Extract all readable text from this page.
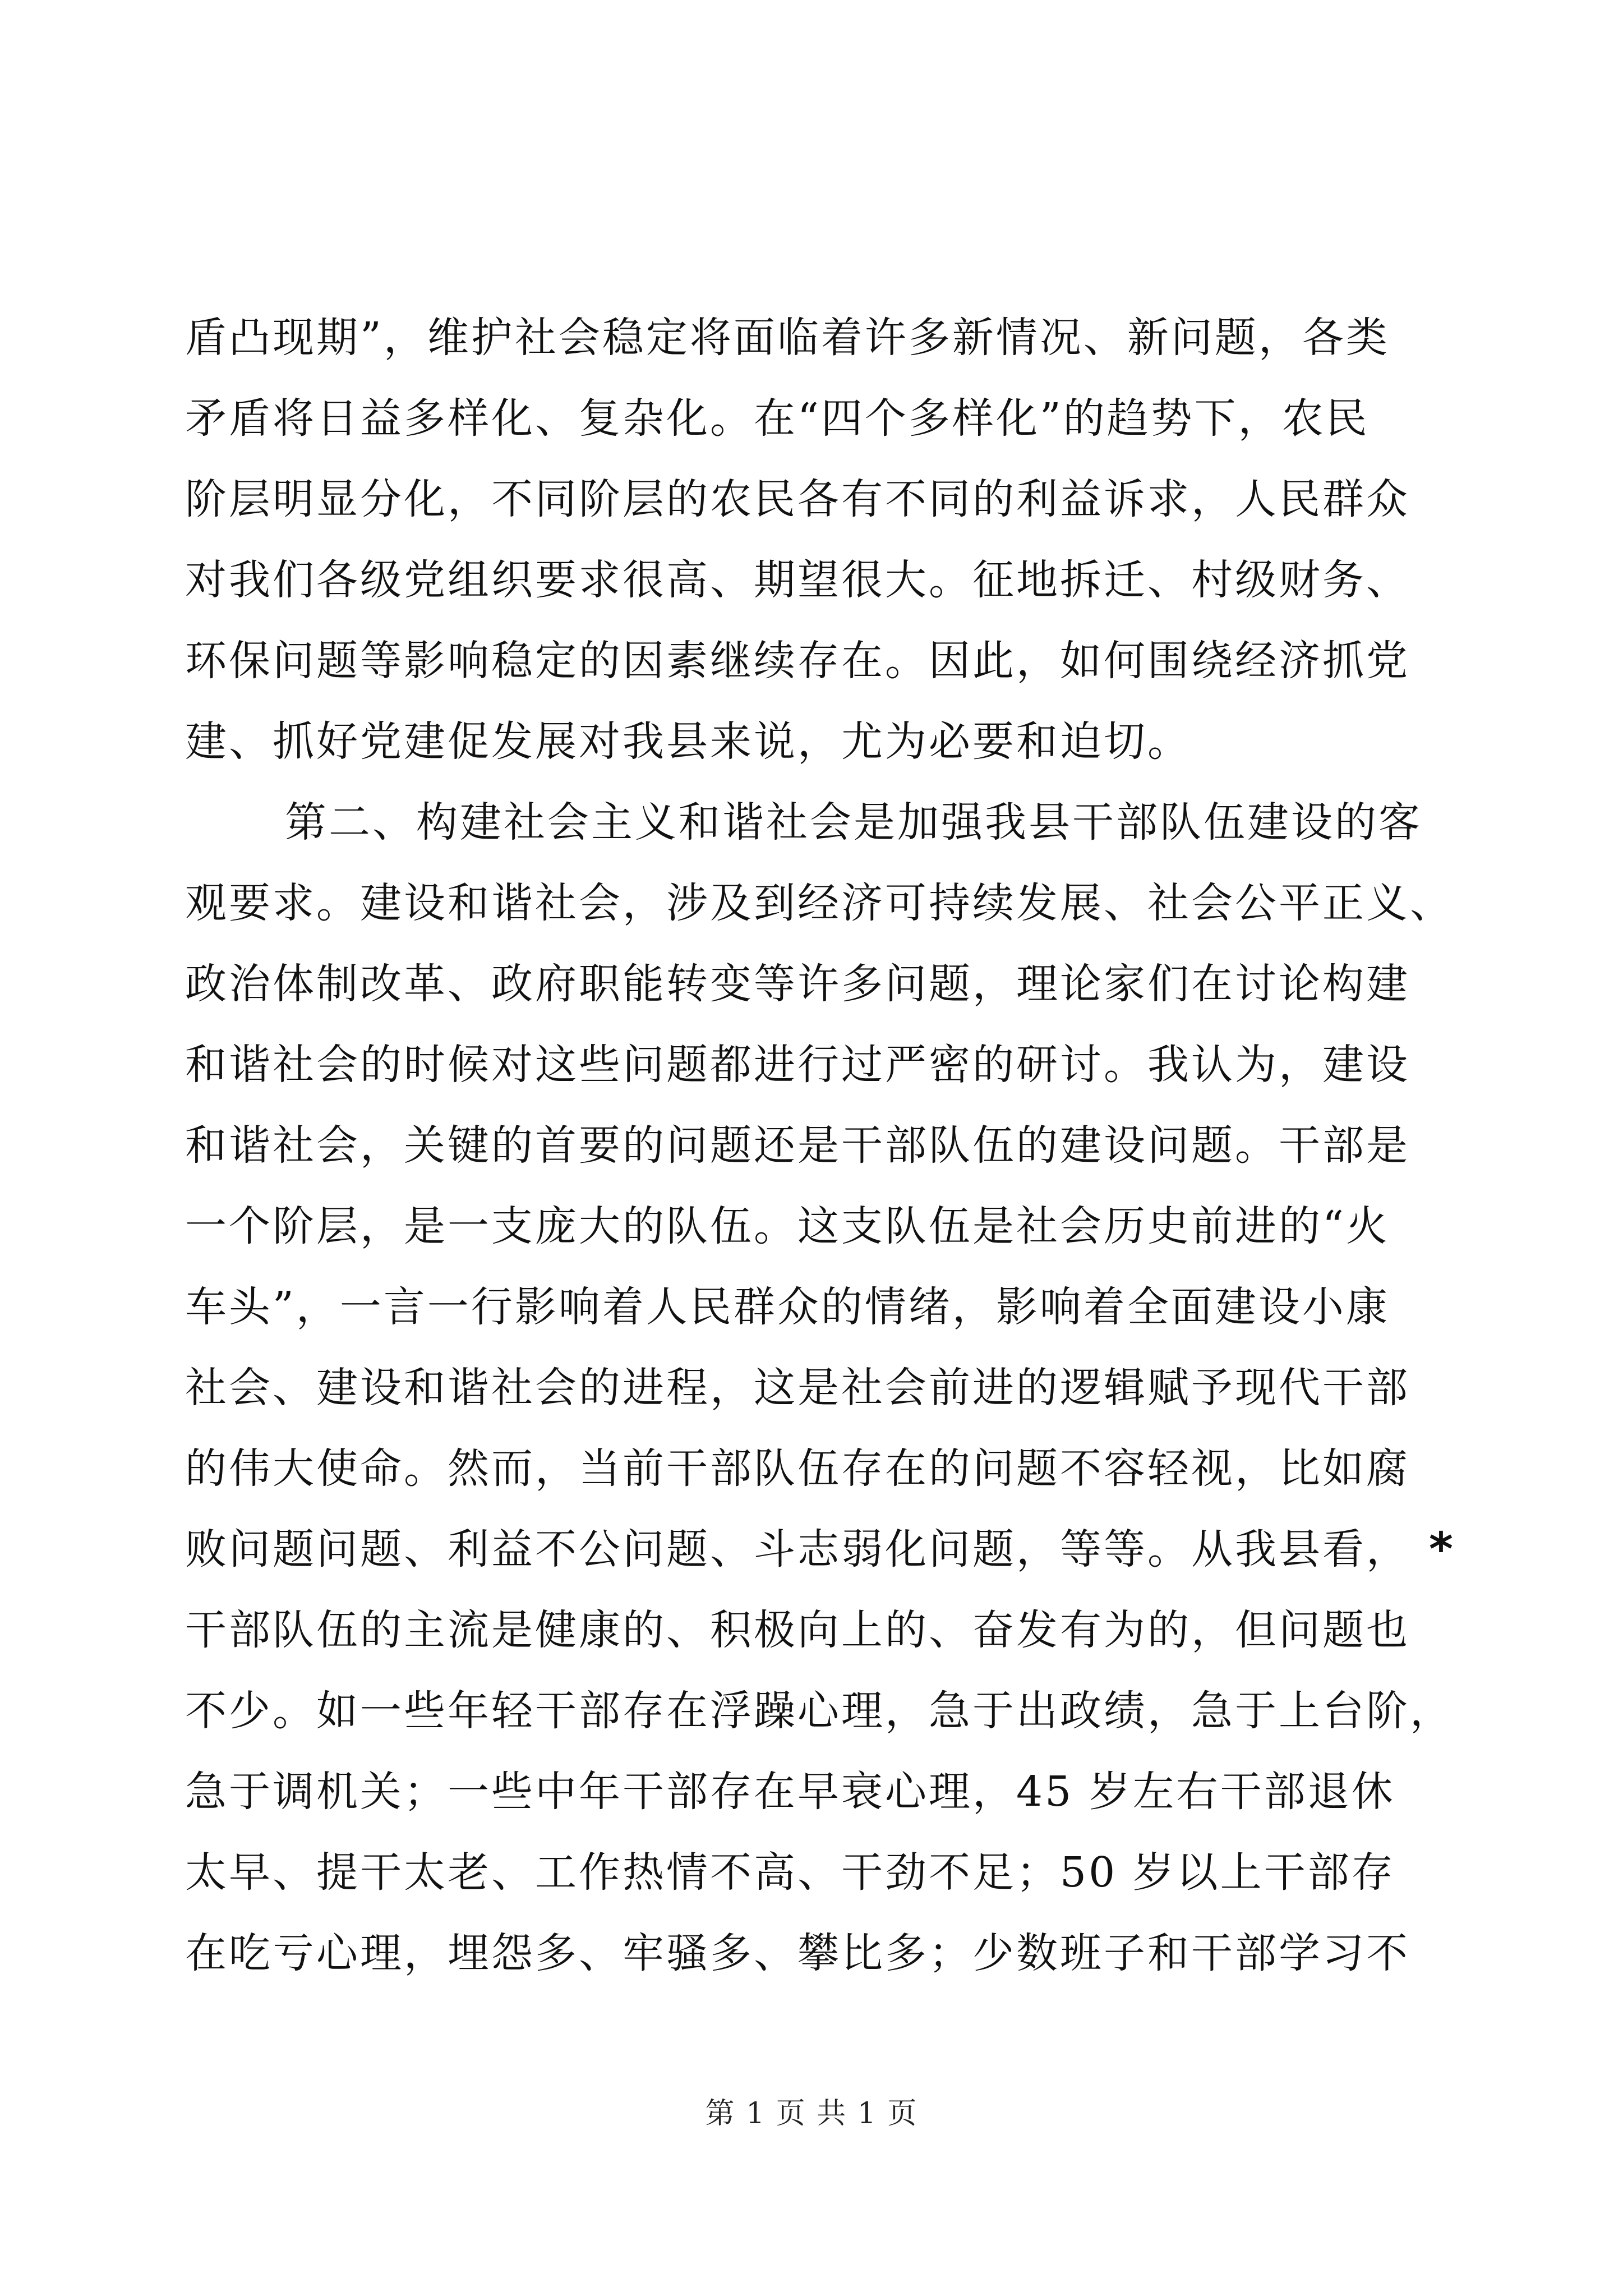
盾凸现期”，维护社会稳定将面临着许多新情况、新问题，各类
矛盾将日益多样化、复杂化。在“四个多样化”的趋势下，农民
阶层明显分化，不同阶层的农民各有不同的利益诉求，人民群众
对我们各级党组织要求很高、期望很大。征地拆迁、村级财务、
环保问题等影响稳定的因素继续存在。因此，如何围绕经济抓党
建、抓好党建促发展对我县来说，尤为必要和迫切。
第二、构建社会主义和谐社会是加强我县干部队伍建设的客
观要求。建设和谐社会，涉及到经济可持续发展、社会公平正义、
政治体制改革、政府职能转变等许多问题，理论家们在讨论构建
和谐社会的时候对这些问题都进行过严密的研讨。我认为，建设
和谐社会，关键的首要的问题还是干部队伍的建设问题。干部是
一个阶层，是一支庞大的队伍。这支队伍是社会历史前进的“火
车头”，一言一行影响着人民群众的情绪，影响着全面建设小康
社会、建设和谐社会的进程，这是社会前进的逻辑赋予现代干部
的伟大使命。然而，当前干部队伍存在的问题不容轻视，比如腐
败问题问题、利益不公问题、斗志弱化问题，等等。从我县看，
干部队伍的主流是健康的、积极向上的、奋发有为的，但问题也
不少。如一些年轻干部存在浮躁心理，急于出政绩，急于上台阶，
急于调机关；一些中年干部存在早衰心理，45 岁左右干部退休
太早、提干太老、工作热情不高、干劲不足；50 岁以上干部存
在吃亏心理，埋怨多、牢骚多、攀比多；少数班子和干部学习不
*
第 1 页 共 1 页
